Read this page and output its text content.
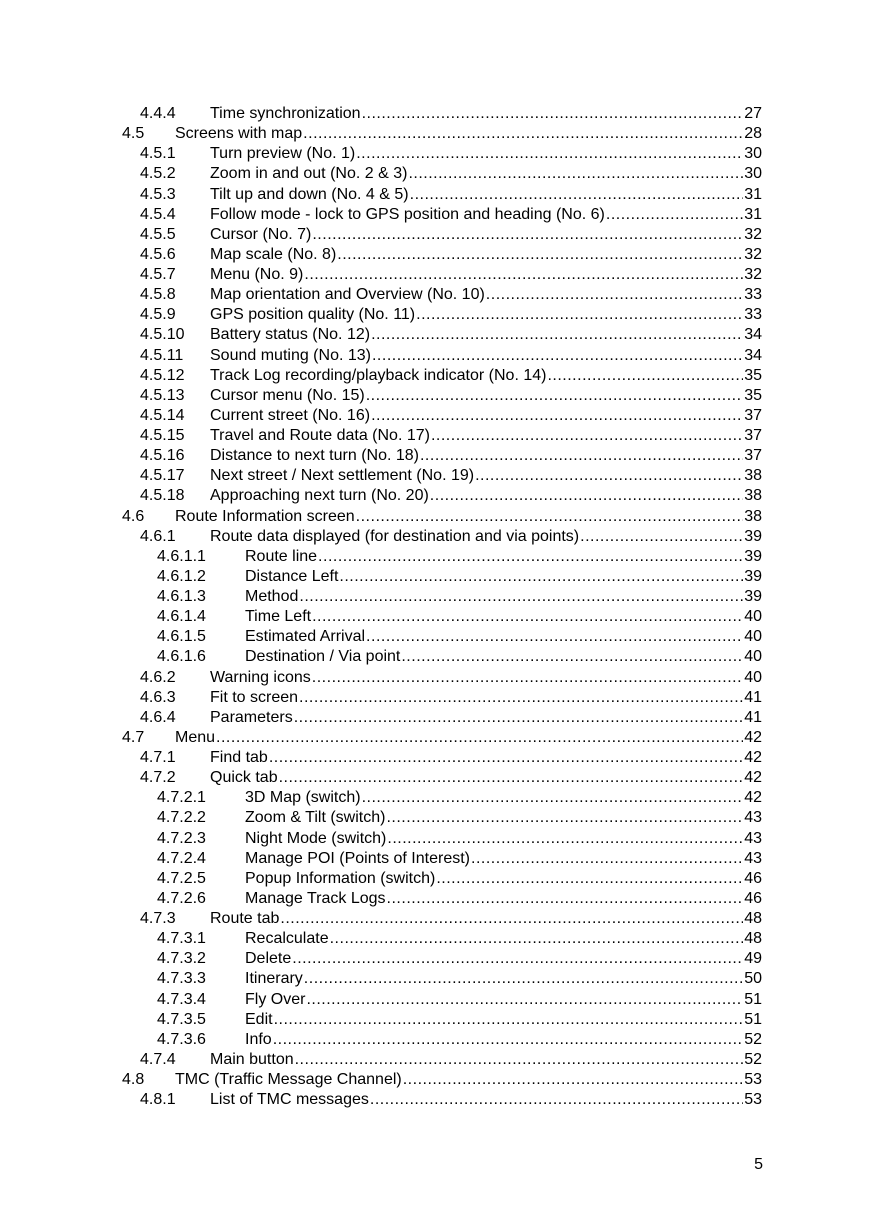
4.4.4 Time synchronization .....	27
4.5 Screens with map .....	28
4.5.1 Turn preview (No. 1) .....	30
4.5.2 Zoom in and out (No. 2 & 3) .....	30
4.5.3 Tilt up and down (No. 4 & 5) .....	31
4.5.4 Follow mode - lock to GPS position and heading (No. 6) .....	31
4.5.5 Cursor (No. 7) .....	32
4.5.6 Map scale (No. 8) .....	32
4.5.7 Menu (No. 9) .....	32
4.5.8 Map orientation and Overview (No. 10) .....	33
4.5.9 GPS position quality (No. 11) .....	33
4.5.10 Battery status (No. 12) .....	34
4.5.11 Sound muting (No. 13) .....	34
4.5.12 Track Log recording/playback indicator (No. 14) .....	35
4.5.13 Cursor menu (No. 15) .....	35
4.5.14 Current street (No. 16) .....	37
4.5.15 Travel and Route data (No. 17) .....	37
4.5.16 Distance to next turn (No. 18) .....	37
4.5.17 Next street / Next settlement (No. 19) .....	38
4.5.18 Approaching next turn (No. 20) .....	38
4.6 Route Information screen .....	38
4.6.1 Route data displayed (for destination and via points) .....	39
4.6.1.1 Route line .....	39
4.6.1.2 Distance Left .....	39
4.6.1.3 Method .....	39
4.6.1.4 Time Left .....	40
4.6.1.5 Estimated Arrival .....	40
4.6.1.6 Destination / Via point .....	40
4.6.2 Warning icons .....	40
4.6.3 Fit to screen .....	41
4.6.4 Parameters .....	41
4.7 Menu .....	42
4.7.1 Find tab .....	42
4.7.2 Quick tab .....	42
4.7.2.1 3D Map (switch) .....	42
4.7.2.2 Zoom & Tilt (switch) .....	43
4.7.2.3 Night Mode (switch) .....	43
4.7.2.4 Manage POI (Points of Interest) .....	43
4.7.2.5 Popup Information (switch) .....	46
4.7.2.6 Manage Track Logs .....	46
4.7.3 Route tab .....	48
4.7.3.1 Recalculate .....	48
4.7.3.2 Delete .....	49
4.7.3.3 Itinerary .....	50
4.7.3.4 Fly Over .....	51
4.7.3.5 Edit .....	51
4.7.3.6 Info .....	52
4.7.4 Main button .....	52
4.8 TMC (Traffic Message Channel) .....	53
4.8.1 List of TMC messages .....	53
5
